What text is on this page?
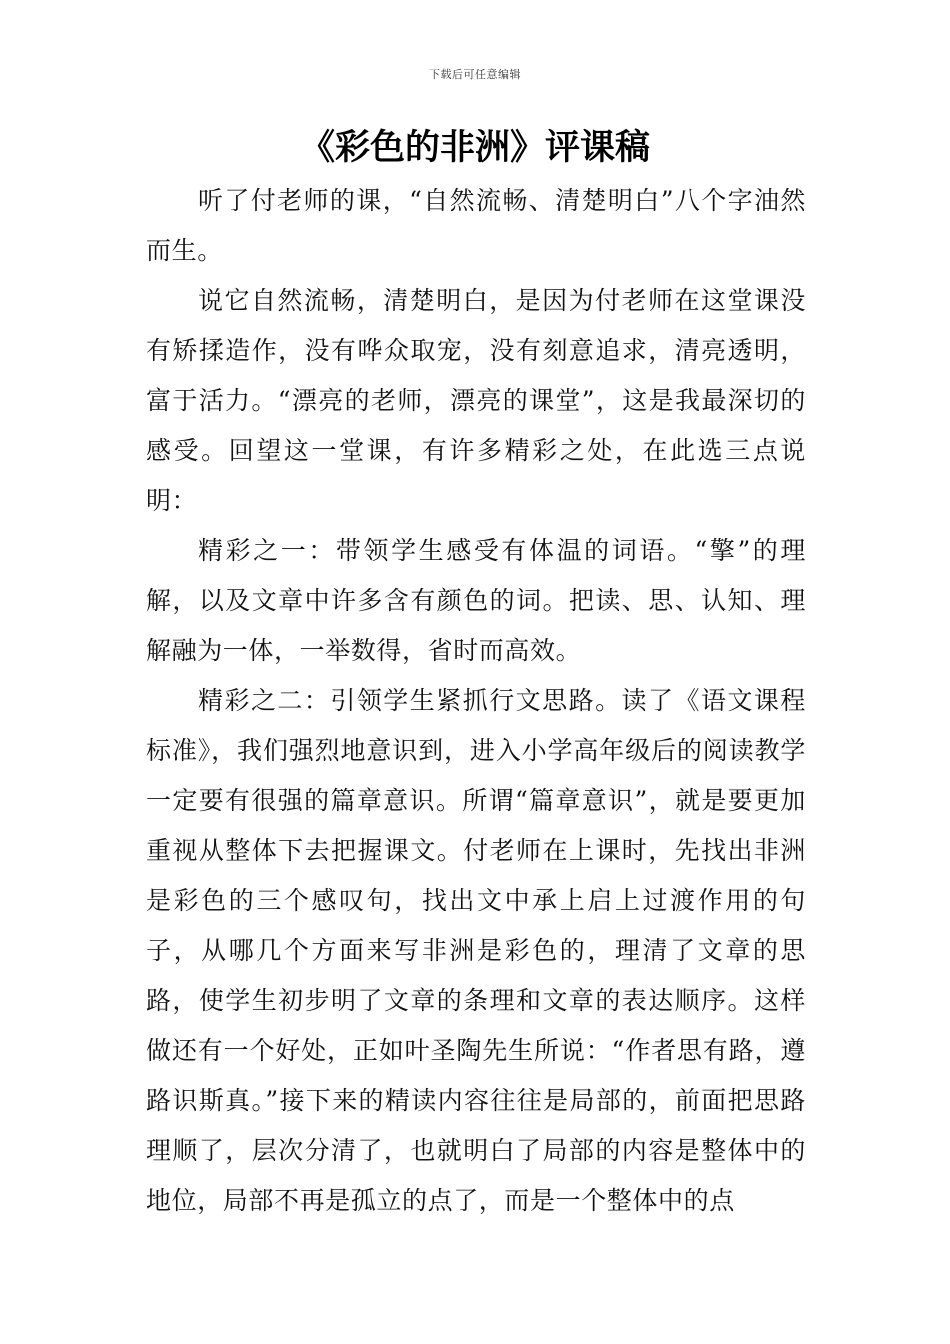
下载后可任意编辑
《彩色的非洲》评课稿

听了付老师的课，“自然流畅、清楚明白”八个字油然而生。

说它自然流畅，清楚明白，是因为付老师在这堂课没有矫揉造作，没有哗众取宠，没有刻意追求，清亮透明，富于活力。“漂亮的老师，漂亮的课堂”，这是我最深切的感受。回望这一堂课，有许多精彩之处，在此选三点说明：

精彩之一：带领学生感受有体温的词语。“擎”的理解，以及文章中许多含有颜色的词。把读、思、认知、理解融为一体，一举数得，省时而高效。

精彩之二：引领学生紧抓行文思路。读了《语文课程标准》，我们强烈地意识到，进入小学高年级后的阅读教学一定要有很强的篇章意识。所谓“篇章意识”，就是要更加重视从整体下去把握课文。付老师在上课时，先找出非洲是彩色的三个感叹句，找出文中承上启上过渡作用的句子，从哪几个方面来写非洲是彩色的，理清了文章的思路，使学生初步明了文章的条理和文章的表达顺序。这样做还有一个好处，正如叶圣陶先生所说：“作者思有路，遵路识斯真。”接下来的精读内容往往是局部的，前面把思路理顺了，层次分清了，也就明白了局部的内容是整体中的地位，局部不再是孤立的点了，而是一个整体中的点
